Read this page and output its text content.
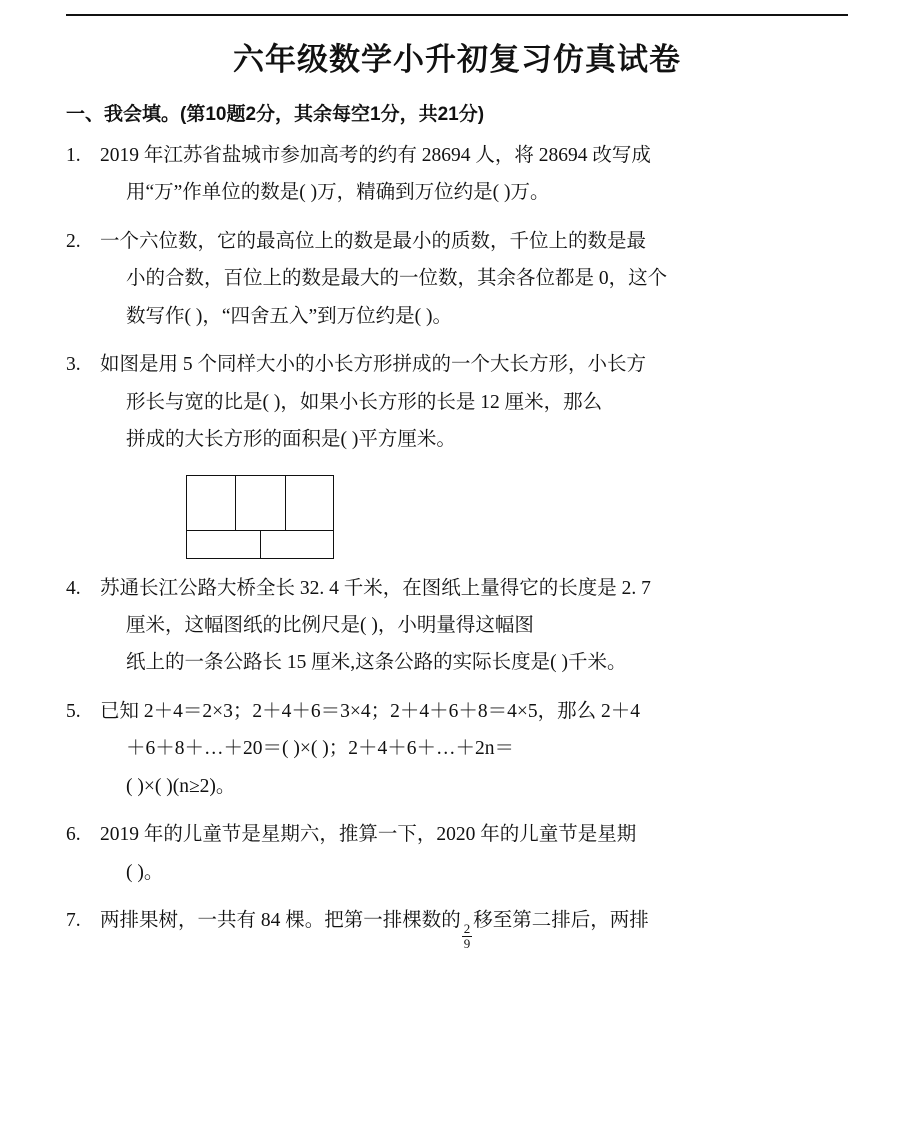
六年级数学小升初复习仿真试卷
一、我会填。(第10题2分，其余每空1分，共21分)
1. 2019 年江苏省盐城市参加高考的约有 28694 人，将 28694 改写成

用“万”作单位的数是( )万，精确到万位约是( )万。

2. 一个六位数，它的最高位上的数是最小的质数，千位上的数是最

小的合数，百位上的数是最大的一位数，其余各位都是 0，这个

数写作( )，“四舍五入”到万位约是( )。

3. 如图是用 5 个同样大小的小长方形拼成的一个大长方形，小长方

形长与宽的比是( )，如果小长方形的长是 12 厘米，那么

拼成的大长方形的面积是( )平方厘米。

4. 苏通长江公路大桥全长 32. 4 千米，在图纸上量得它的长度是 2. 7

厘米，这幅图纸的比例尺是( )，小明量得这幅图

纸上的一条公路长 15 厘米,这条公路的实际长度是( )千米。

5. 已知 2＋4＝2×3；2＋4＋6＝3×4；2＋4＋6＋8＝4×5，那么 2＋4

＋6＋8＋…＋20＝( )×( )；2＋4＋6＋…＋2n＝

( )×( )(n≥2)。

6. 2019 年的儿童节是星期六，推算一下，2020 年的儿童节是星期

( )。

7. 两排果树，一共有 84 棵。把第一排棵数的
$\frac{2}{9}$
移至第二排后，两排
